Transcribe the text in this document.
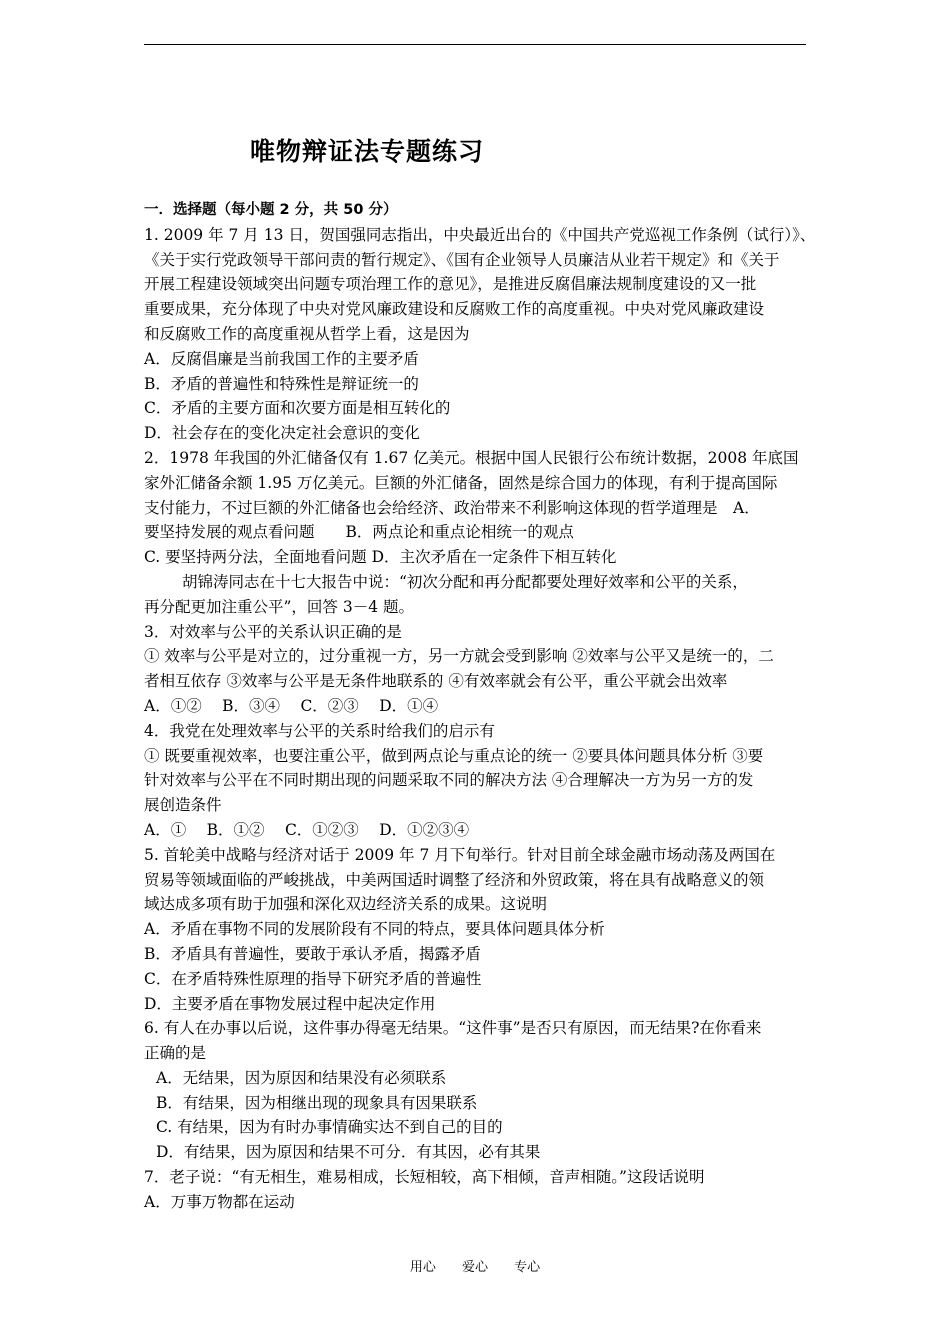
唯物辩证法专题练习
一．选择题（每小题 2 分，共 50 分）
1. 2009 年 7 月 13 日，贺国强同志指出，中央最近出台的《中国共产党巡视工作条例（试行）》、
《关于实行党政领导干部问责的暂行规定》、《国有企业领导人员廉洁从业若干规定》和《关于
开展工程建设领域突出问题专项治理工作的意见》，是推进反腐倡廉法规制度建设的又一批
重要成果，充分体现了中央对党风廉政建设和反腐败工作的高度重视。中央对党风廉政建设
和反腐败工作的高度重视从哲学上看，这是因为
A．反腐倡廉是当前我国工作的主要矛盾
B．矛盾的普遍性和特殊性是辩证统一的
C．矛盾的主要方面和次要方面是相互转化的
D．社会存在的变化决定社会意识的变化
2．1978 年我国的外汇储备仅有 1.67 亿美元。根据中国人民银行公布统计数据，2008 年底国
家外汇储备余额 1.95 万亿美元。巨额的外汇储备，固然是综合国力的体现，有利于提高国际
支付能力，不过巨额的外汇储备也会给经济、政治带来不利影响这体现的哲学道理是　A．
要坚持发展的观点看问题　　B．两点论和重点论相统一的观点
C. 要坚持两分法，全面地看问题 D．主次矛盾在一定条件下相互转化
胡锦涛同志在十七大报告中说：“初次分配和再分配都要处理好效率和公平的关系，
再分配更加注重公平”，回答 3－4 题。
3．对效率与公平的关系认识正确的是
① 效率与公平是对立的，过分重视一方，另一方就会受到影响 ②效率与公平又是统一的，二
者相互依存 ③效率与公平是无条件地联系的 ④有效率就会有公平，重公平就会出效率
A．①②　 B．③④　 C．②③　 D．①④
4．我党在处理效率与公平的关系时给我们的启示有
① 既要重视效率，也要注重公平，做到两点论与重点论的统一 ②要具体问题具体分析 ③要
针对效率与公平在不同时期出现的问题采取不同的解决方法 ④合理解决一方为另一方的发
展创造条件
A．①　 B．①②　 C．①②③　 D．①②③④
5. 首轮美中战略与经济对话于 2009 年 7 月下旬举行。针对目前全球金融市场动荡及两国在
贸易等领域面临的严峻挑战，中美两国适时调整了经济和外贸政策，将在具有战略意义的领
域达成多项有助于加强和深化双边经济关系的成果。这说明
A．矛盾在事物不同的发展阶段有不同的特点，要具体问题具体分析
B．矛盾具有普遍性，要敢于承认矛盾，揭露矛盾
C．在矛盾特殊性原理的指导下研究矛盾的普遍性
D．主要矛盾在事物发展过程中起决定作用
6. 有人在办事以后说，这件事办得毫无结果。“这件事”是否只有原因，而无结果?在你看来
正确的是
A．无结果，因为原因和结果没有必须联系
B．有结果，因为相继出现的现象具有因果联系
C. 有结果，因为有时办事情确实达不到自己的目的
D．有结果，因为原因和结果不可分．有其因，必有其果
7．老子说：“有无相生，难易相成，长短相较，高下相倾，音声相随。”这段话说明
A．万事万物都在运动
用心 爱心 专心
